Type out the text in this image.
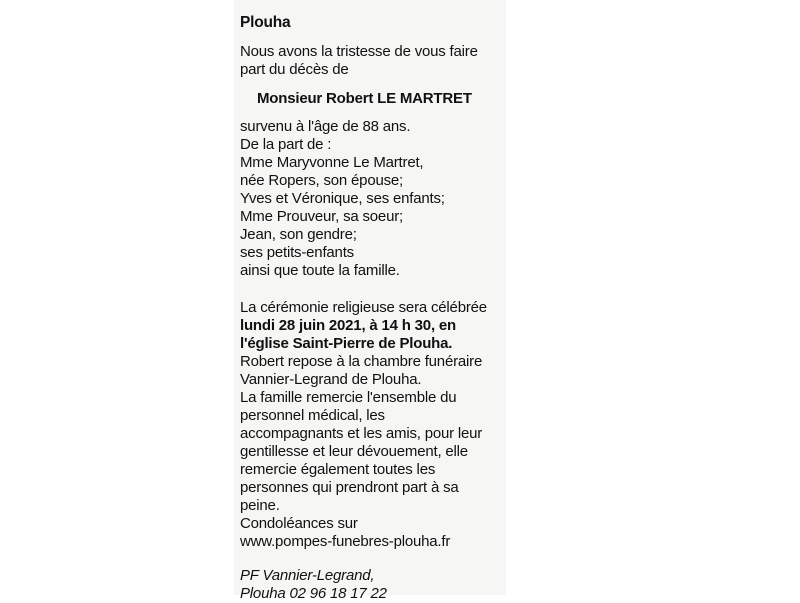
Plouha
Nous avons la tristesse de vous faire
part du décès de
Monsieur Robert LE MARTRET
survenu à l'âge de 88 ans.
De la part de :
Mme Maryvonne Le Martret,
née Ropers, son épouse;
Yves et Véronique, ses enfants;
Mme Prouveur, sa soeur;
Jean, son gendre;
ses petits-enfants
ainsi que toute la famille.
La cérémonie religieuse sera célébrée
lundi 28 juin 2021, à 14 h 30, en
l'église Saint-Pierre de Plouha.
Robert repose à la chambre funéraire
Vannier-Legrand de Plouha.
La famille remercie l'ensemble du
personnel médical, les
accompagnants et les amis, pour leur
gentillesse et leur dévouement, elle
remercie également toutes les
personnes qui prendront part à sa
peine.
Condoléances sur
www.pompes-funebres-plouha.fr
PF Vannier-Legrand,
Plouha 02 96 18 17 22
